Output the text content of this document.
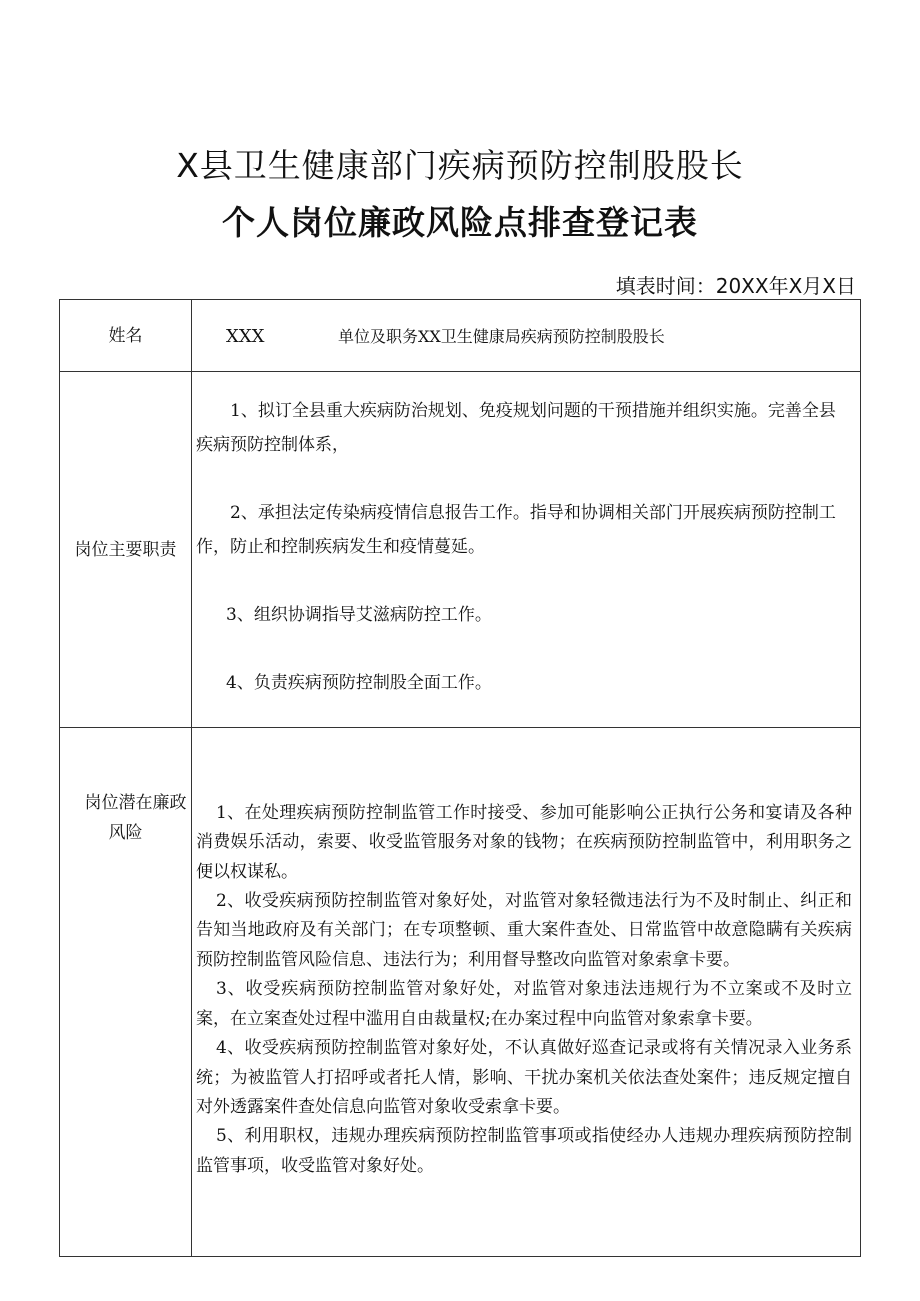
X县卫生健康部门疾病预防控制股股长
个人岗位廉政风险点排查登记表
填表时间：20XX年X月X日
姓名	XXX 单位及职务XX卫生健康局疾病预防控制股股长
岗位主要职责	1、拟订全县重大疾病防治规划、免疫规划问题的干预措施并组织实施。完善全县疾病预防控制体系，

2、承担法定传染病疫情信息报告工作。指导和协调相关部门开展疾病预防控制工作，防止和控制疾病发生和疫情蔓延。

3、组织协调指导艾滋病防控工作。

4、负责疾病预防控制股全面工作。

岗位潜在廉政风险	1、在处理疾病预防控制监管工作时接受、参加可能影响公正执行公务和宴请及各种消费娱乐活动，索要、收受监管服务对象的钱物；在疾病预防控制监管中，利用职务之便以权谋私。

2、收受疾病预防控制监管对象好处，对监管对象轻微违法行为不及时制止、纠正和告知当地政府及有关部门；在专项整顿、重大案件查处、日常监管中故意隐瞒有关疾病预防控制监管风险信息、违法行为；利用督导整改向监管对象索拿卡要。

3、收受疾病预防控制监管对象好处，对监管对象违法违规行为不立案或不及时立案，在立案查处过程中滥用自由裁量权;在办案过程中向监管对象索拿卡要。

4、收受疾病预防控制监管对象好处，不认真做好巡查记录或将有关情况录入业务系统；为被监管人打招呼或者托人情，影响、干扰办案机关依法查处案件；违反规定擅自对外透露案件查处信息向监管对象收受索拿卡要。

5、利用职权，违规办理疾病预防控制监管事项或指使经办人违规办理疾病预防控制监管事项，收受监管对象好处。
